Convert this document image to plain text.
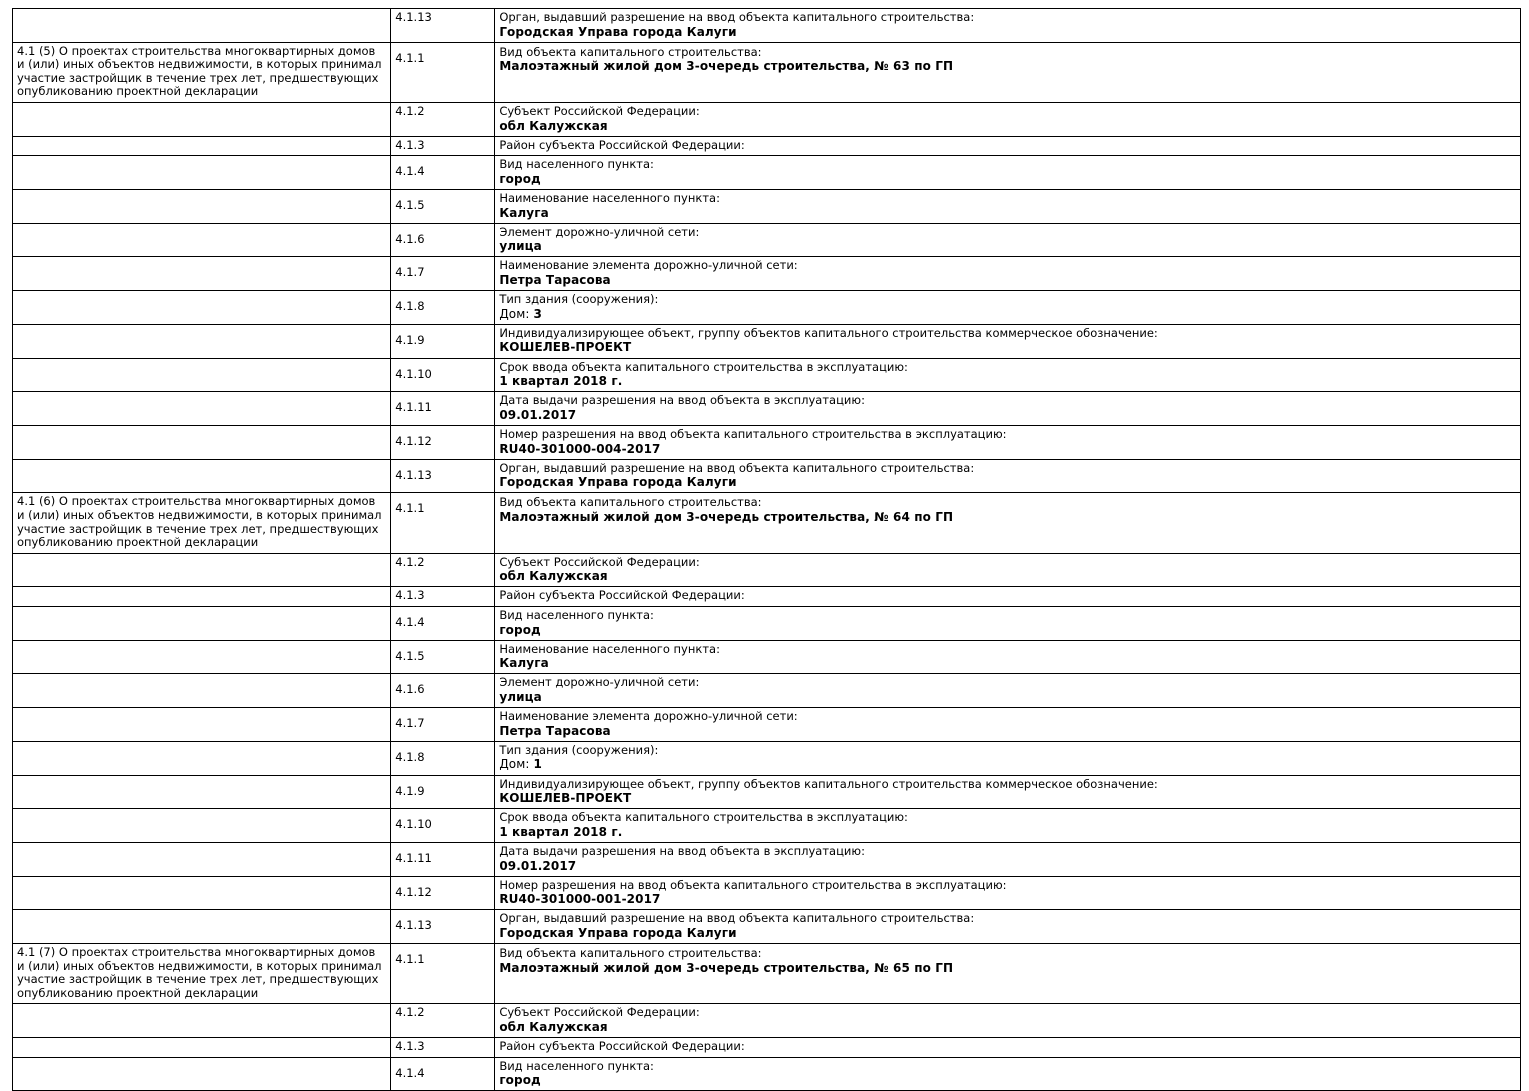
	4.1.13	Орган, выдавший разрешение на ввод объекта капитального строительства:
Городская Управа города Калуги

4.1 (5) О проектах строительства многоквартирных домов и (или) иных объектов недвижимости, в которых принимал участие застройщик в течение трех лет, предшествующих опубликованию проектной декларации	4.1.1	Вид объекта капитального строительства:
Малоэтажный жилой дом 3-очередь строительства, № 63 по ГП

	4.1.2	Субъект Российской Федерации:
обл Калужская

	4.1.3	Район субъекта Российской Федерации:

	4.1.4	Вид населенного пункта:
город

	4.1.5	Наименование населенного пункта:
Калуга

	4.1.6	Элемент дорожно-уличной сети:
улица

	4.1.7	Наименование элемента дорожно-уличной сети:
Петра Тарасова

	4.1.8	Тип здания (сооружения):
Дом: 3

	4.1.9	Индивидуализирующее объект, группу объектов капитального строительства коммерческое обозначение:
КОШЕЛЕВ-ПРОЕКТ

	4.1.10	Срок ввода объекта капитального строительства в эксплуатацию:
1 квартал 2018 г.

	4.1.11	Дата выдачи разрешения на ввод объекта в эксплуатацию:
09.01.2017

	4.1.12	Номер разрешения на ввод объекта капитального строительства в эксплуатацию:
RU40-301000-004-2017

	4.1.13	Орган, выдавший разрешение на ввод объекта капитального строительства:
Городская Управа города Калуги

4.1 (6) О проектах строительства многоквартирных домов и (или) иных объектов недвижимости, в которых принимал участие застройщик в течение трех лет, предшествующих опубликованию проектной декларации	4.1.1	Вид объекта капитального строительства:
Малоэтажный жилой дом 3-очередь строительства, № 64 по ГП

	4.1.2	Субъект Российской Федерации:
обл Калужская

	4.1.3	Район субъекта Российской Федерации:

	4.1.4	Вид населенного пункта:
город

	4.1.5	Наименование населенного пункта:
Калуга

	4.1.6	Элемент дорожно-уличной сети:
улица

	4.1.7	Наименование элемента дорожно-уличной сети:
Петра Тарасова

	4.1.8	Тип здания (сооружения):
Дом: 1

	4.1.9	Индивидуализирующее объект, группу объектов капитального строительства коммерческое обозначение:
КОШЕЛЕВ-ПРОЕКТ

	4.1.10	Срок ввода объекта капитального строительства в эксплуатацию:
1 квартал 2018 г.

	4.1.11	Дата выдачи разрешения на ввод объекта в эксплуатацию:
09.01.2017

	4.1.12	Номер разрешения на ввод объекта капитального строительства в эксплуатацию:
RU40-301000-001-2017

	4.1.13	Орган, выдавший разрешение на ввод объекта капитального строительства:
Городская Управа города Калуги

4.1 (7) О проектах строительства многоквартирных домов и (или) иных объектов недвижимости, в которых принимал участие застройщик в течение трех лет, предшествующих опубликованию проектной декларации	4.1.1	Вид объекта капитального строительства:
Малоэтажный жилой дом 3-очередь строительства, № 65 по ГП

	4.1.2	Субъект Российской Федерации:
обл Калужская

	4.1.3	Район субъекта Российской Федерации:

	4.1.4	Вид населенного пункта:
город
